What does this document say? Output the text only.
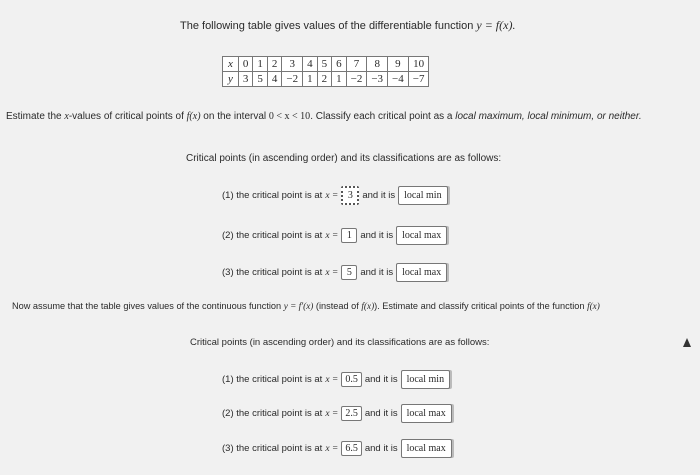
The following table gives values of the differentiable function y = f(x).
x	0	1	2	3	4	5	6	7	8	9	10
y	3	5	4	−2	1	2	1	−2	−3	−4	−7
Estimate the x-values of critical points of f(x) on the interval 0 < x < 10. Classify each critical point as a local maximum, local minimum, or neither.
Critical points (in ascending order) and its classifications are as follows:
(1) the critical point is at x = 3	and it is local min
(2) the critical point is at x = 1 and it is local max
(3) the critical point is at x = 5 and it is local max
Now assume that the table gives values of the continuous function y = f′(x) (instead of f(x)). Estimate and classify critical points of the function f(x)
Critical points (in ascending order) and its classifications are as follows:
(1) the critical point is at x = 0.5 and it is local min
(2) the critical point is at x = 2.5 and it is local max
(3) the critical point is at x = 6.5 and it is local max
